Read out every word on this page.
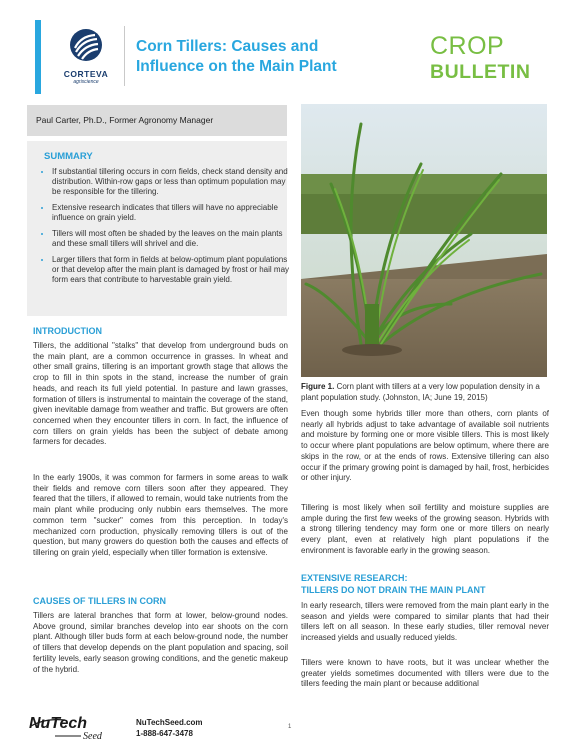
CORTEVA
agriscience
Corn Tillers: Causes and
Influence on the Main Plant
CROP
BULLETIN
Paul Carter, Ph.D., Former Agronomy Manager
SUMMARY
• If substantial tillering occurs in corn fields, check stand density and distribution. Within-row gaps or less than optimum population may be responsible for the tillering.
• Extensive research indicates that tillers will have no appreciable influence on grain yield.
• Tillers will most often be shaded by the leaves on the main plants and these small tillers will shrivel and die.
• Larger tillers that form in fields at below-optimum plant populations or that develop after the main plant is damaged by frost or hail may form ears that contribute to harvestable grain yield.
INTRODUCTION

Tillers, the additional "stalks" that develop from underground buds on the main plant, are a common occurrence in grasses. In wheat and other small grains, tillering is an important growth stage that allows the crop to fill in thin spots in the stand, increase the number of grain heads, and reach its full yield potential. In pasture and lawn grasses, formation of tillers is instrumental to maintain the coverage of the stand, given inevitable damage from weather and traffic. But growers are often concerned when they encounter tillers in corn. In fact, the influence of corn tillers on grain yields has been the subject of debate among farmers for decades.

In the early 1900s, it was common for farmers in some areas to walk their fields and remove corn tillers soon after they appeared. They feared that the tillers, if allowed to remain, would take nutrients from the main plant while producing only nubbin ears themselves. The more common term "sucker" comes from this perception. In today's mechanized corn production, physically removing tillers is out of the question, but many growers do question both the causes and effects of tillering on grain yield, especially when tiller formation is extensive.

CAUSES OF TILLERS IN CORN

Tillers are lateral branches that form at lower, below-ground nodes. Above ground, similar branches develop into ear shoots on the corn plant. Although tiller buds form at each below-ground node, the number of tillers that develop depends on the plant population and spacing, soil fertility levels, early season growing conditions, and the genetic makeup of the hybrid.

Figure 1. Corn plant with tillers at a very low population density in a plant population study. (Johnston, IA; June 19, 2015)

Even though some hybrids tiller more than others, corn plants of nearly all hybrids adjust to take advantage of available soil nutrients and moisture by forming one or more visible tillers. This is most likely to occur where plant populations are below optimum, where there are skips in the row, or at the ends of rows. Extensive tillering can also occur if the primary growing point is damaged by hail, frost, herbicides or other injury.

Tillering is most likely when soil fertility and moisture supplies are ample during the first few weeks of the growing season. Hybrids with a strong tillering tendency may form one or more tillers on nearly every plant, even at relatively high plant populations if the environment is favorable early in the growing season.

EXTENSIVE RESEARCH:
TILLERS DO NOT DRAIN THE MAIN PLANT

In early research, tillers were removed from the main plant early in the season and yields were compared to similar plants that had their tillers left on all season. In these early studies, tiller removal never increased yields and usually reduced yields.

Tillers were known to have roots, but it was unclear whether the greater yields sometimes documented with tillers were due to the tillers feeding the main plant or because additional

NuTech
Seed
NuTechSeed.com
1-888-647-3478
1
